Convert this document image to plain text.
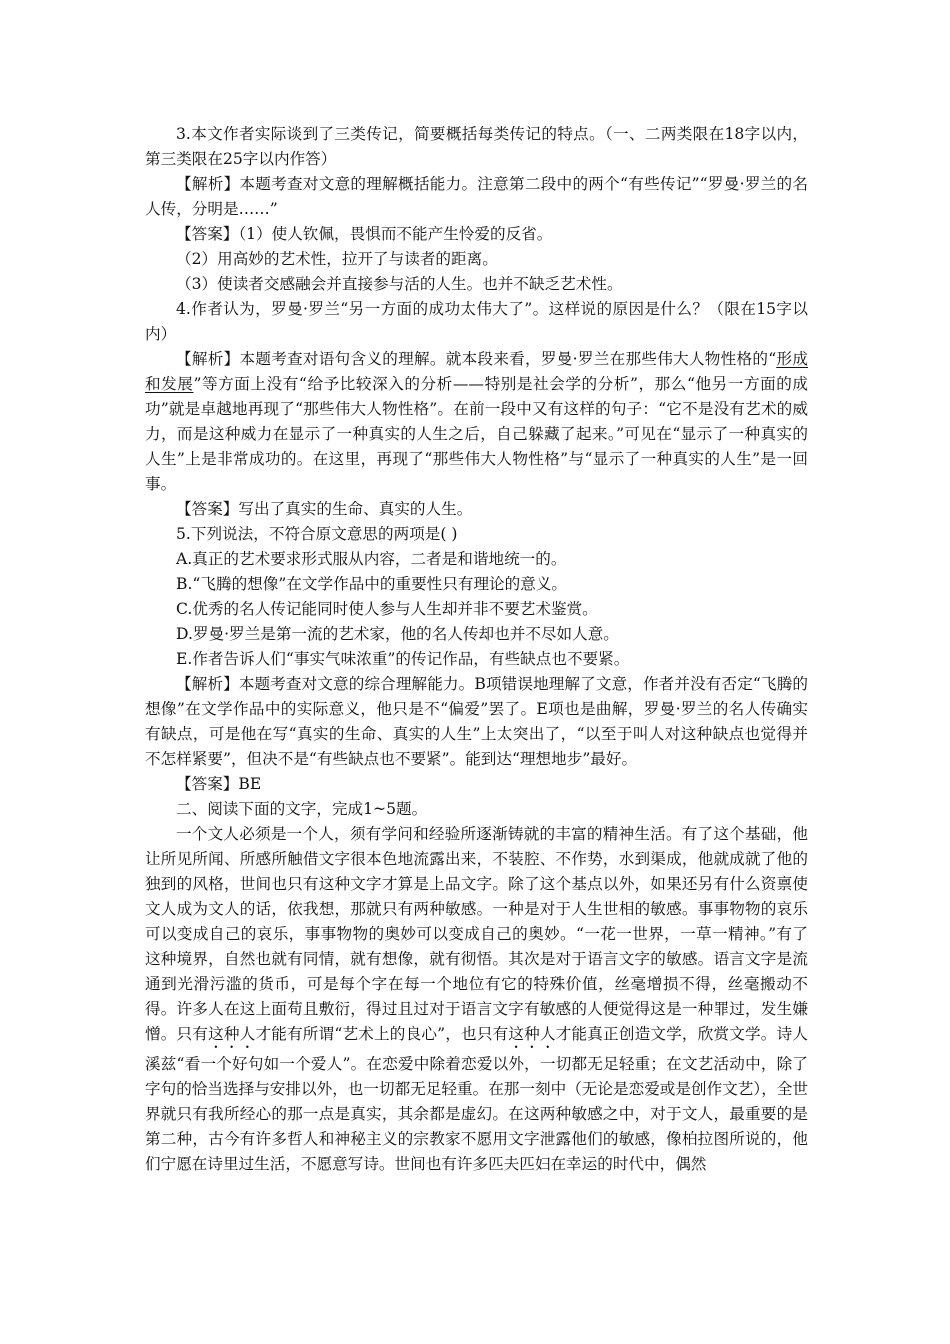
3.本文作者实际谈到了三类传记，简要概括每类传记的特点。（一、二两类限在18字以内，第三类限在25字以内作答）

【解析】本题考查对文意的理解概括能力。注意第二段中的两个“有些传记”“罗曼·罗兰的名人传，分明是……”

【答案】（1）使人钦佩，畏惧而不能产生怜爱的反省。

（2）用高妙的艺术性，拉开了与读者的距离。

（3）使读者交感融会并直接参与活的人生。也并不缺乏艺术性。

4.作者认为，罗曼·罗兰“另一方面的成功太伟大了”。这样说的原因是什么？（限在15字以内）

【解析】本题考查对语句含义的理解。就本段来看，罗曼·罗兰在那些伟大人物性格的“形成和发展”等方面上没有“给予比较深入的分析——特别是社会学的分析”，那么“他另一方面的成功”就是卓越地再现了“那些伟大人物性格”。在前一段中又有这样的句子：“它不是没有艺术的威力，而是这种威力在显示了一种真实的人生之后，自己躲藏了起来。”可见在“显示了一种真实的人生”上是非常成功的。在这里，再现了“那些伟大人物性格”与“显示了一种真实的人生”是一回事。

【答案】写出了真实的生命、真实的人生。

5.下列说法，不符合原文意思的两项是( )

A.真正的艺术要求形式服从内容，二者是和谐地统一的。

B.“飞腾的想像”在文学作品中的重要性只有理论的意义。

C.优秀的名人传记能同时使人参与人生却并非不要艺术鉴赏。

D.罗曼·罗兰是第一流的艺术家，他的名人传却也并不尽如人意。

E.作者告诉人们“事实气味浓重”的传记作品，有些缺点也不要紧。

【解析】本题考查对文意的综合理解能力。B项错误地理解了文意，作者并没有否定“飞腾的想像”在文学作品中的实际意义，他只是不“偏爱”罢了。E项也是曲解，罗曼·罗兰的名人传确实有缺点，可是他在写“真实的生命、真实的人生”上太突出了，“以至于叫人对这种缺点也觉得并不怎样紧要”，但决不是“有些缺点也不要紧”。能到达“理想地步”最好。

【答案】BE

二、阅读下面的文字，完成1~5题。

一个文人必须是一个人，须有学问和经验所逐渐铸就的丰富的精神生活。有了这个基础，他让所见所闻、所感所触借文字很本色地流露出来，不装腔、不作势，水到渠成，他就成就了他的独到的风格，世间也只有这种文字才算是上品文字。除了这个基点以外，如果还另有什么资禀使文人成为文人的话，依我想，那就只有两种敏感。一种是对于人生世相的敏感。事事物物的哀乐可以变成自己的哀乐，事事物物的奥妙可以变成自己的奥妙。“一花一世界，一草一精神。”有了这种境界，自然也就有同情，就有想像，就有彻悟。其次是对于语言文字的敏感。语言文字是流通到光滑污滥的货币，可是每个字在每一个地位有它的特殊价值，丝毫增损不得，丝毫搬动不得。许多人在这上面苟且敷衍，得过且过对于语言文字有敏感的人便觉得这是一种罪过，发生嫌憎。只有这种人才能有所谓“艺术上的良心”，也只有这种人才能真正创造文学，欣赏文学。诗人溪兹“看一个好句如一个爱人”。在恋爱中除着恋爱以外，一切都无足轻重；在文艺活动中，除了字句的恰当选择与安排以外，也一切都无足轻重。在那一刻中（无论是恋爱或是创作文艺），全世界就只有我所经心的那一点是真实，其余都是虚幻。在这两种敏感之中，对于文人，最重要的是第二种，古今有许多哲人和神秘主义的宗教家不愿用文字泄露他们的敏感，像柏拉图所说的，他们宁愿在诗里过生活，不愿意写诗。世间也有许多匹夫匹妇在幸运的时代中，偶然
